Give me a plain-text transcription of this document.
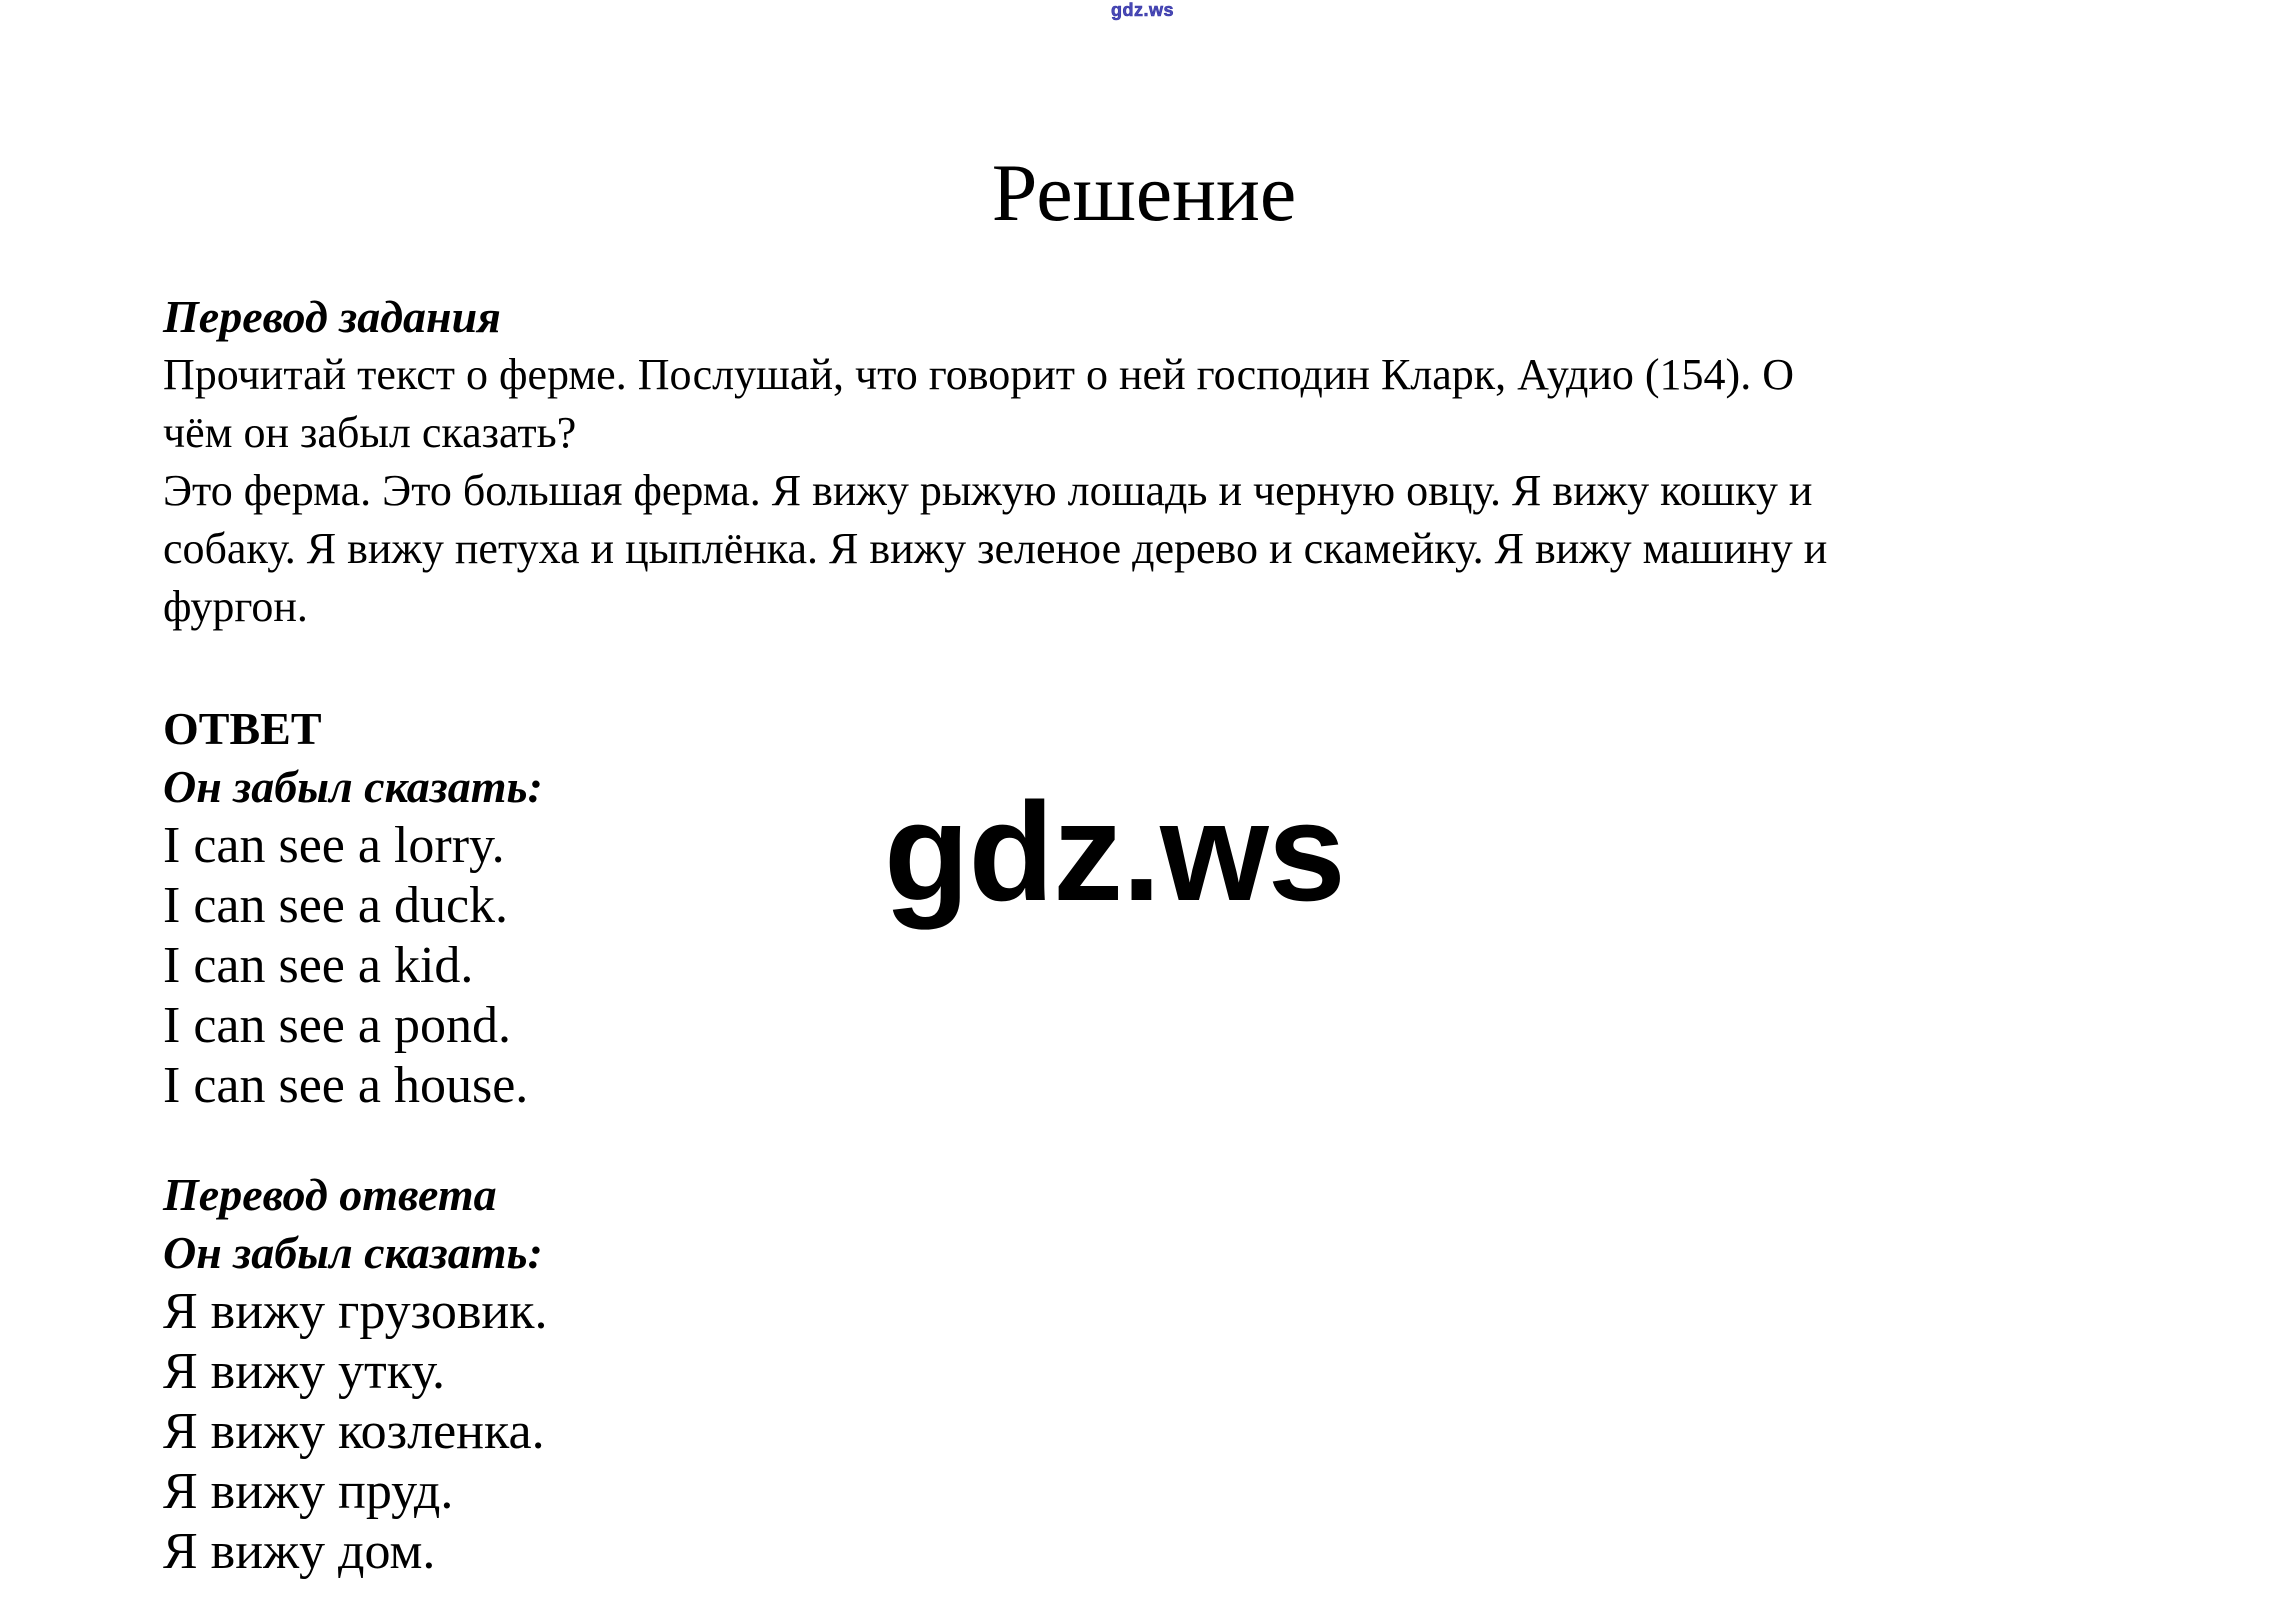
gdz.ws
Решение
Перевод задания
Прочитай текст о ферме. Послушай, что говорит о ней господин Кларк, Аудио (154). О
чём он забыл сказать?
Это ферма. Это большая ферма. Я вижу рыжую лошадь и черную овцу. Я вижу кошку и
собаку. Я вижу петуха и цыплёнка. Я вижу зеленое дерево и скамейку. Я вижу машину и
фургон.
ОТВЕТ
Он забыл сказать:
I can see a lorry.
I can see a duck.
I can see a kid.
I can see a pond.
I can see a house.
gdz.ws
Перевод ответа
Он забыл сказать:
Я вижу грузовик.
Я вижу утку.
Я вижу козленка.
Я вижу пруд.
Я вижу дом.
